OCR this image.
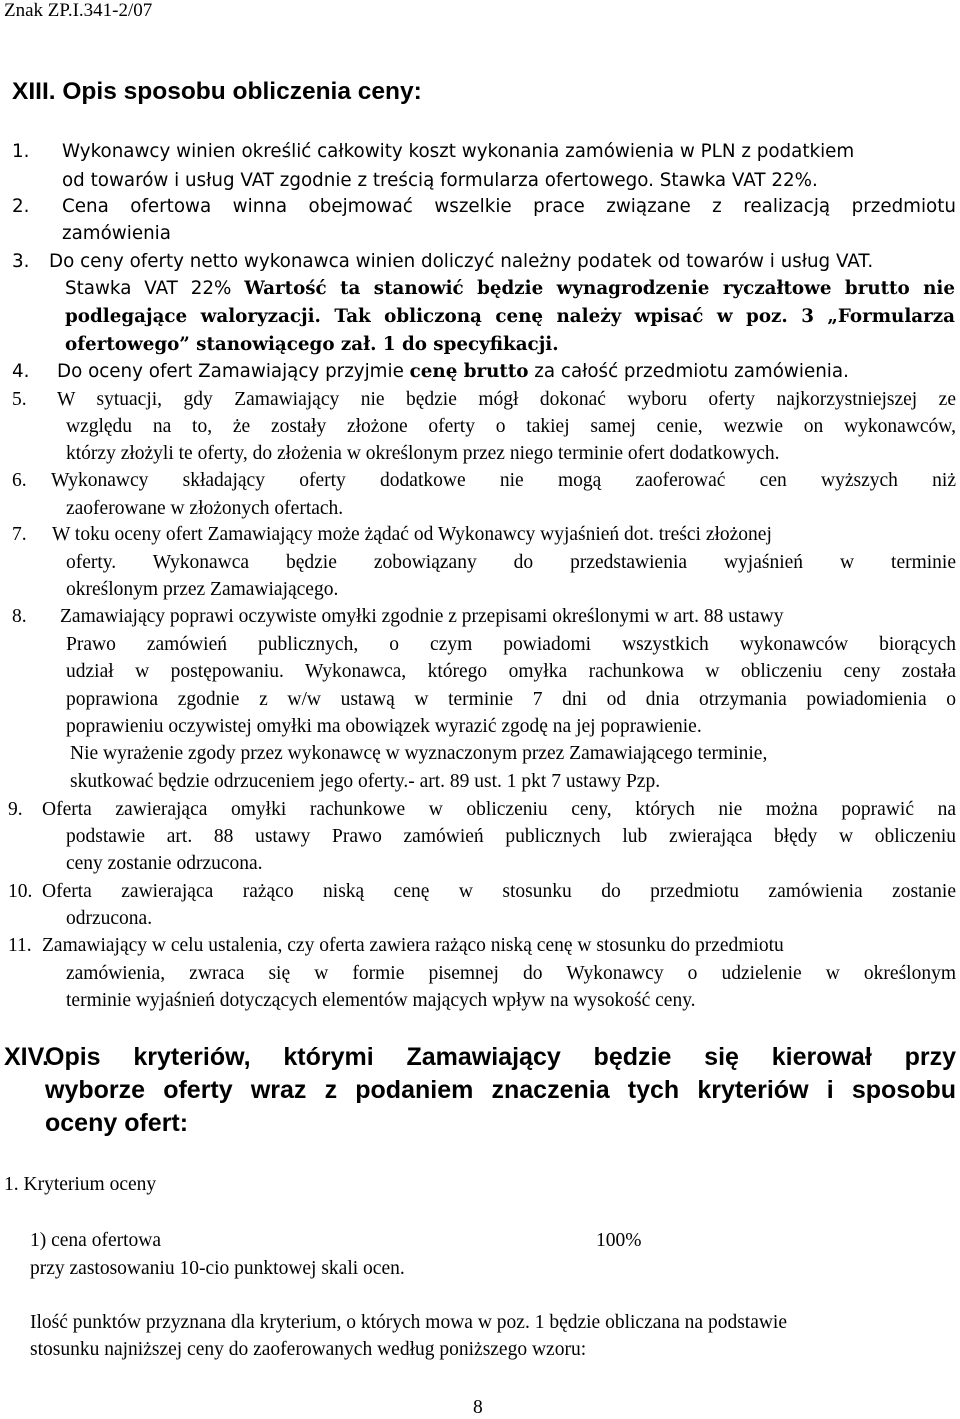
Znak ZP.I.341-2/07
XIII. Opis sposobu obliczenia ceny:
1. Wykonawcy winien określić całkowity koszt wykonania zamówienia w PLN z podatkiem
od towarów i usług VAT zgodnie z treścią formularza ofertowego. Stawka VAT 22%.
2. Cena ofertowa winna obejmować wszelkie prace związane z realizacją przedmiotu
zamówienia
3. Do ceny oferty netto wykonawca winien doliczyć należny podatek od towarów i usług VAT.
Stawka VAT 22% Wartość ta stanowić będzie wynagrodzenie ryczałtowe brutto nie
podlegające waloryzacji. Tak obliczoną cenę należy wpisać w poz. 3 „Formularza
ofertowego” stanowiącego zał. 1 do specyfikacji.
4. Do oceny ofert Zamawiający przyjmie cenę brutto za całość przedmiotu zamówienia.
5. W sytuacji, gdy Zamawiający nie będzie mógł dokonać wyboru oferty najkorzystniejszej ze
względu na to, że zostały złożone oferty o takiej samej cenie, wezwie on wykonawców,
którzy złożyli te oferty, do złożenia w określonym przez niego terminie ofert dodatkowych.
6. Wykonawcy składający oferty dodatkowe nie mogą zaoferować cen wyższych niż
zaoferowane w złożonych ofertach.
7. W toku oceny ofert Zamawiający może żądać od Wykonawcy wyjaśnień dot. treści złożonej
oferty. Wykonawca będzie zobowiązany do przedstawienia wyjaśnień w terminie
określonym przez Zamawiającego.
8. Zamawiający poprawi oczywiste omyłki zgodnie z przepisami określonymi w art. 88 ustawy
Prawo zamówień publicznych, o czym powiadomi wszystkich wykonawców biorących
udział w postępowaniu. Wykonawca, którego omyłka rachunkowa w obliczeniu ceny została
poprawiona zgodnie z w/w ustawą w terminie 7 dni od dnia otrzymania powiadomienia o
poprawieniu oczywistej omyłki ma obowiązek wyrazić zgodę na jej poprawienie.
Nie wyrażenie zgody przez wykonawcę w wyznaczonym przez Zamawiającego terminie,
skutkować będzie odrzuceniem jego oferty.- art. 89 ust. 1 pkt 7 ustawy Pzp.
9. Oferta zawierająca omyłki rachunkowe w obliczeniu ceny, których nie można poprawić na
podstawie art. 88 ustawy Prawo zamówień publicznych lub zwierająca błędy w obliczeniu
ceny zostanie odrzucona.
10. Oferta zawierająca rażąco niską cenę w stosunku do przedmiotu zamówienia zostanie
odrzucona.
11. Zamawiający w celu ustalenia, czy oferta zawiera rażąco niską cenę w stosunku do przedmiotu
zamówienia, zwraca się w formie pisemnej do Wykonawcy o udzielenie w określonym
terminie wyjaśnień dotyczących elementów mających wpływ na wysokość ceny.
XIV.
Opis kryteriów, którymi Zamawiający będzie się kierował przy
wyborze oferty wraz z podaniem znaczenia tych kryteriów i sposobu
oceny ofert:
1. Kryterium oceny
1) cena ofertowa	100%
przy zastosowaniu 10-cio punktowej skali ocen.
Ilość punktów przyznana dla kryterium, o których mowa w poz. 1 będzie obliczana na podstawie
stosunku najniższej ceny do zaoferowanych według poniższego wzoru:
8
